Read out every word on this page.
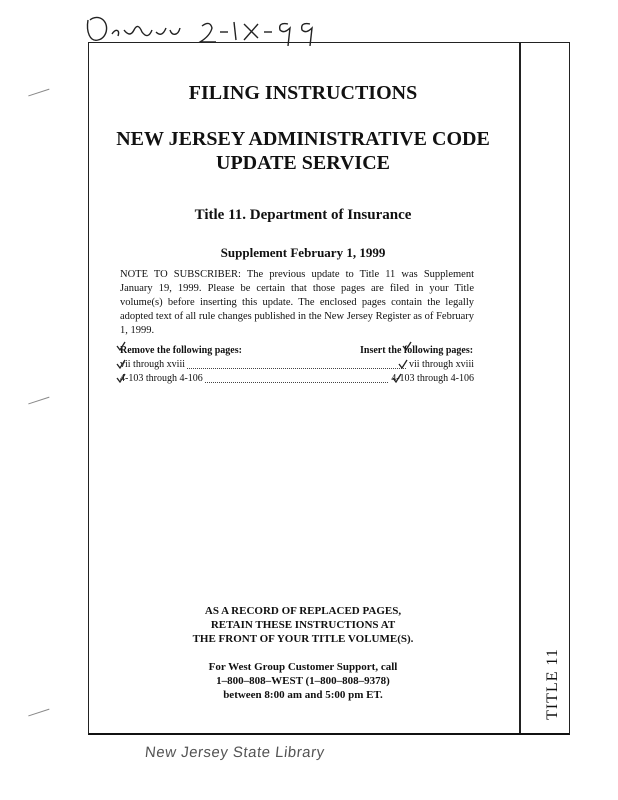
TITLE 11
FILING INSTRUCTIONS
NEW JERSEY ADMINISTRATIVE CODE
UPDATE SERVICE
Title 11. Department of Insurance
Supplement February 1, 1999
NOTE TO SUBSCRIBER: The previous update to Title 11 was Supplement January 19, 1999. Please be certain that those pages are filed in your Title volume(s) before inserting this update. The enclosed pages contain the legally adopted text of all rule changes published in the New Jersey Register as of February 1, 1999.
Remove the following pages:	Insert the following pages:
vii through xviii	vii through xviii
4-103 through 4-106	4-103 through 4-106
AS A RECORD OF REPLACED PAGES,
RETAIN THESE INSTRUCTIONS AT
THE FRONT OF YOUR TITLE VOLUME(S).
For West Group Customer Support, call
1–800–808–WEST (1–800–808–9378)
between 8:00 am and 5:00 pm ET.
New Jersey State Library
